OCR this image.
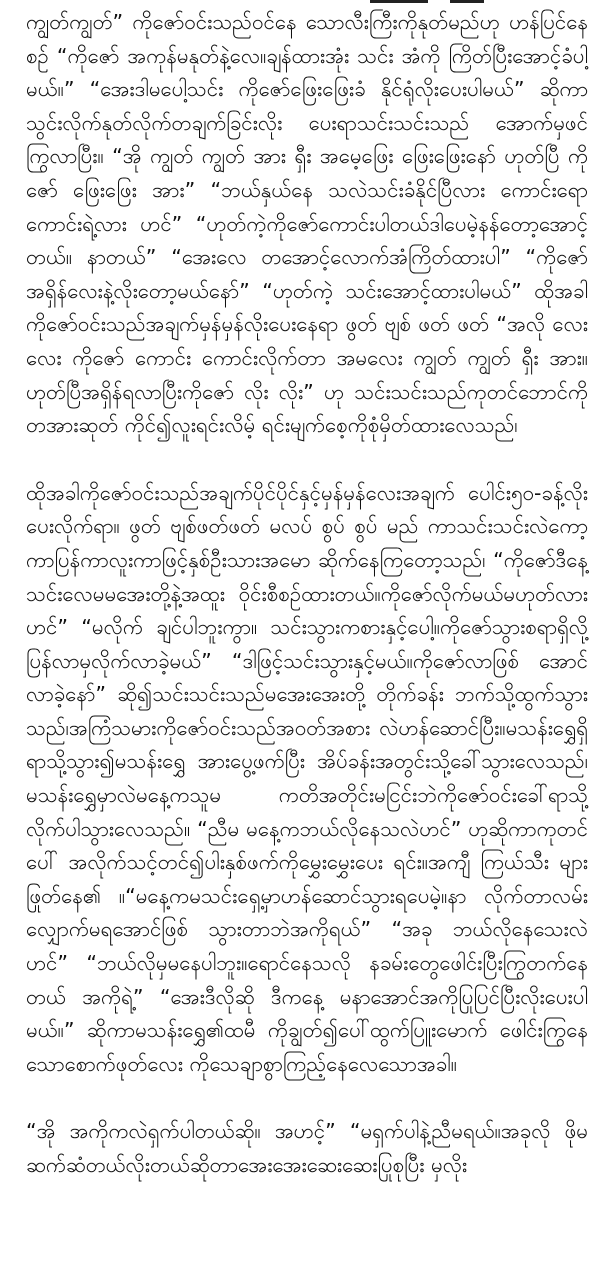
ကျွတ်ကျွတ်” ကိုဇော်ဝင်းသည်ဝင်နေ သောလီးကြီးကိုနုတ်မည်ဟု ဟန်ပြင်နေစဉ် “ကိုဇော် အကုန်မနုတ်နဲ့လေ။ချန်ထားအုံး သင်း အံကို ကြိတ်ပြီးအောင့်ခံပါ့မယ်။” “အေးဒါမပေါ့သင်း ကိုဇော်ဖြေးဖြေးခံ နိုင်ရုံလိုးပေးပါမယ်” ဆိုကာသွင်းလိုက်နုတ်လိုက်တချက်ခြင်းလိုး ပေးရာသင်းသင်းသည် အောက်မှဖင်ကြွလာပြီး။ “အို ကျွတ် ကျွတ် အား ရှီး အမေ့ဖြေး ဖြေးဖြေးနော် ဟုတ်ပြီ ကိုဇော် ဖြေးဖြေး အား” “ဘယ်နှယ်နေ သလဲသင်းခံနိုင်ပြီလား ကောင်းရောကောင်းရဲ့လား ဟင်” “ဟုတ်ကဲ့ကိုဇော်ကောင်းပါတယ်ဒါပေမဲ့နန်တော့အောင့်တယ်။ နာတယ်” “အေးလေ တအောင့်လောက်အံကြိတ်ထားပါ” “ကိုဇော် အရှိန်လေးနဲ့လိုးတော့မယ်နော်” “ဟုတ်ကဲ့ သင်းအောင့်ထားပါမယ်” ထိုအခါကိုဇော်ဝင်းသည်အချက်မှန်မှန်လိုးပေးနေရာ ဖွတ် ဗျစ် ဖတ် ဖတ် “အလို လေးလေး ကိုဇော် ကောင်း ကောင်းလိုက်တာ အမလေး ကျွတ် ကျွတ် ရှီး အား။ ဟုတ်ပြီအရှိန်ရလာပြီးကိုဇော် လိုး လိုး” ဟု သင်းသင်းသည်ကုတင်ဘောင်ကိုတအားဆုတ် ကိုင်၍လူးရင်းလိမ့် ရင်းမျက်စေ့ကိုစုံမှိတ်ထားလေသည်၊

ထိုအခါကိုဇော်ဝင်းသည်အချက်ပိုင်ပိုင်နှင့်မှန်မှန်လေးအချက် ပေါင်း၅၀-ခန့်လိုးပေးလိုက်ရာ။ ဖွတ် ဗျစ်ဖတ်ဖတ် မလပ် စွပ် စွပ် မည် ကာသင်းသင်းလဲကော့ကာပြန်ကာလူးကာဖြင့်နှစ်ဦးသားအမော ဆိုက်နေကြတော့သည်၊ “ကိုဇော်ဒီနေ့ သင်းလေမမအေးတို့နဲ့အထူး ဝိုင်းစီစဉ်ထားတယ်။ကိုဇော်လိုက်မယ်မဟုတ်လား ဟင်” “မလိုက် ချင်ပါဘူးကွာ။ သင်းသွားကစားနှင့်ပေါ့။ကိုဇော်သွားစရာရှိလို့ ပြန်လာမှလိုက်လာခဲ့မယ်” “ဒါဖြင့်သင်းသွားနှင့်မယ်။ကိုဇော်လာဖြစ် အောင်လာခဲ့နော်” ဆို၍သင်းသင်းသည်မအေးအေးတို့ တိုက်ခန်း ဘက်သို့ထွက်သွားသည်၊အကြံသမားကိုဇော်ဝင်းသည်အဝတ်အစား လဲဟန်ဆောင်ပြီး။မသန်းရွှေရှိရာသို့သွား၍မသန်းရွှေ အားပွေ့ဖက်ပြီး အိပ်ခန်းအတွင်းသို့ခေါ်သွားလေသည်၊မသန်းရွှေမှာလဲမနေ့ကသူမ ကတိအတိုင်းမငြင်းဘဲကိုဇော်ဝင်းခေါ်ရာသို့ လိုက်ပါသွားလေသည်။ “ညီမ မနေ့ကဘယ်လိုနေသလဲဟင်” ဟုဆိုကာကုတင်ပေါ် အလိုက်သင့်တင်၍ပါးနှစ်ဖက်ကိုမွှေးမွှေးပေး ရင်း။အကျီ ကြယ်သီး များဖြုတ်နေ၏ ။“မနေ့ကမသင်းရှေ့မှာဟန်ဆောင်သွားရပေမဲ့။နာ လိုက်တာလမ်းလျှောက်မရအောင်ဖြစ် သွားတာဘဲအကိုရယ်” “အခု ဘယ်လိုနေသေးလဲဟင်” “ဘယ်လိုမှမနေပါဘူး။ရောင်နေသလို နခမ်းတွေဖေါင်းပြီးကြွတက်နေတယ် အကိုရဲ့” “အေးဒီလိုဆို ဒီကနေ့ မနာအောင်အကိုပြုပြင်ပြီးလိုးပေးပါမယ်။” ဆိုကာမသန်းရွှေ၏ထမီ ကိုချွတ်၍ပေါ်ထွက်ပြူးမောက် ဖေါင်းကြွနေသောစောက်ဖုတ်လေး ကိုသေချာစွာကြည့်နေလေသောအခါ။

“အို အကိုကလဲရှက်ပါတယ်ဆို။ အဟင့်” “မရှက်ပါနဲ့ညီမရယ်။အခုလို ဖိုမဆက်ဆံတယ်လိုးတယ်ဆိုတာအေးအေးဆေးဆေးပြုစုပြီး မှလိုး
